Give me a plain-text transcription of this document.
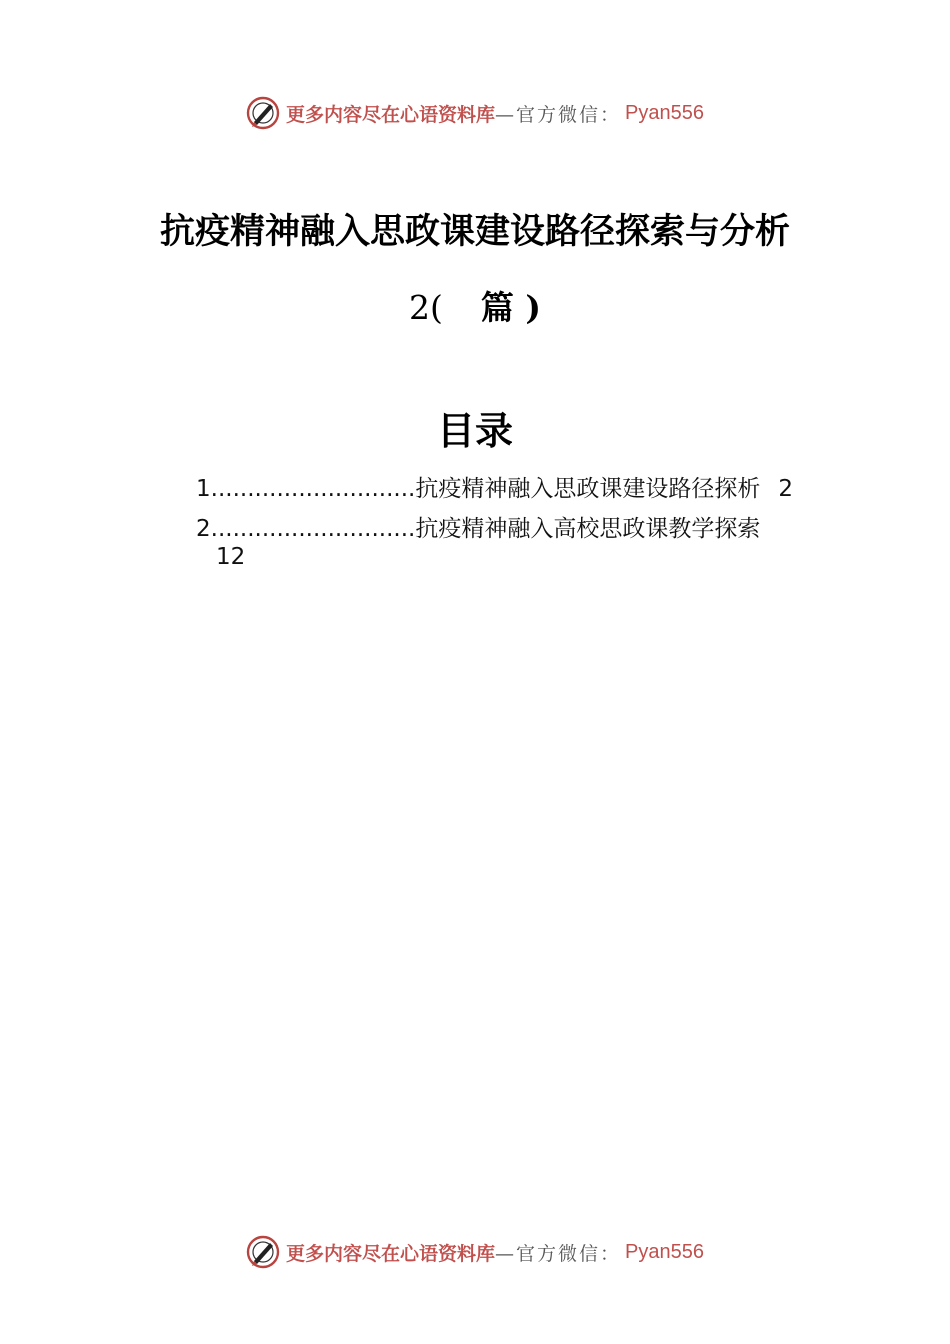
更多内容尽在心语资料库 —官方微信： Pyan556
抗疫精神融入思政课建设路径探索与分析
2( 篇 )
目录
1 ............................ 抗疫精神融入思政课建设路径探析 2
2 ............................ 抗疫精神融入高校思政课教学探索
12
更多内容尽在心语资料库 —官方微信： Pyan556
